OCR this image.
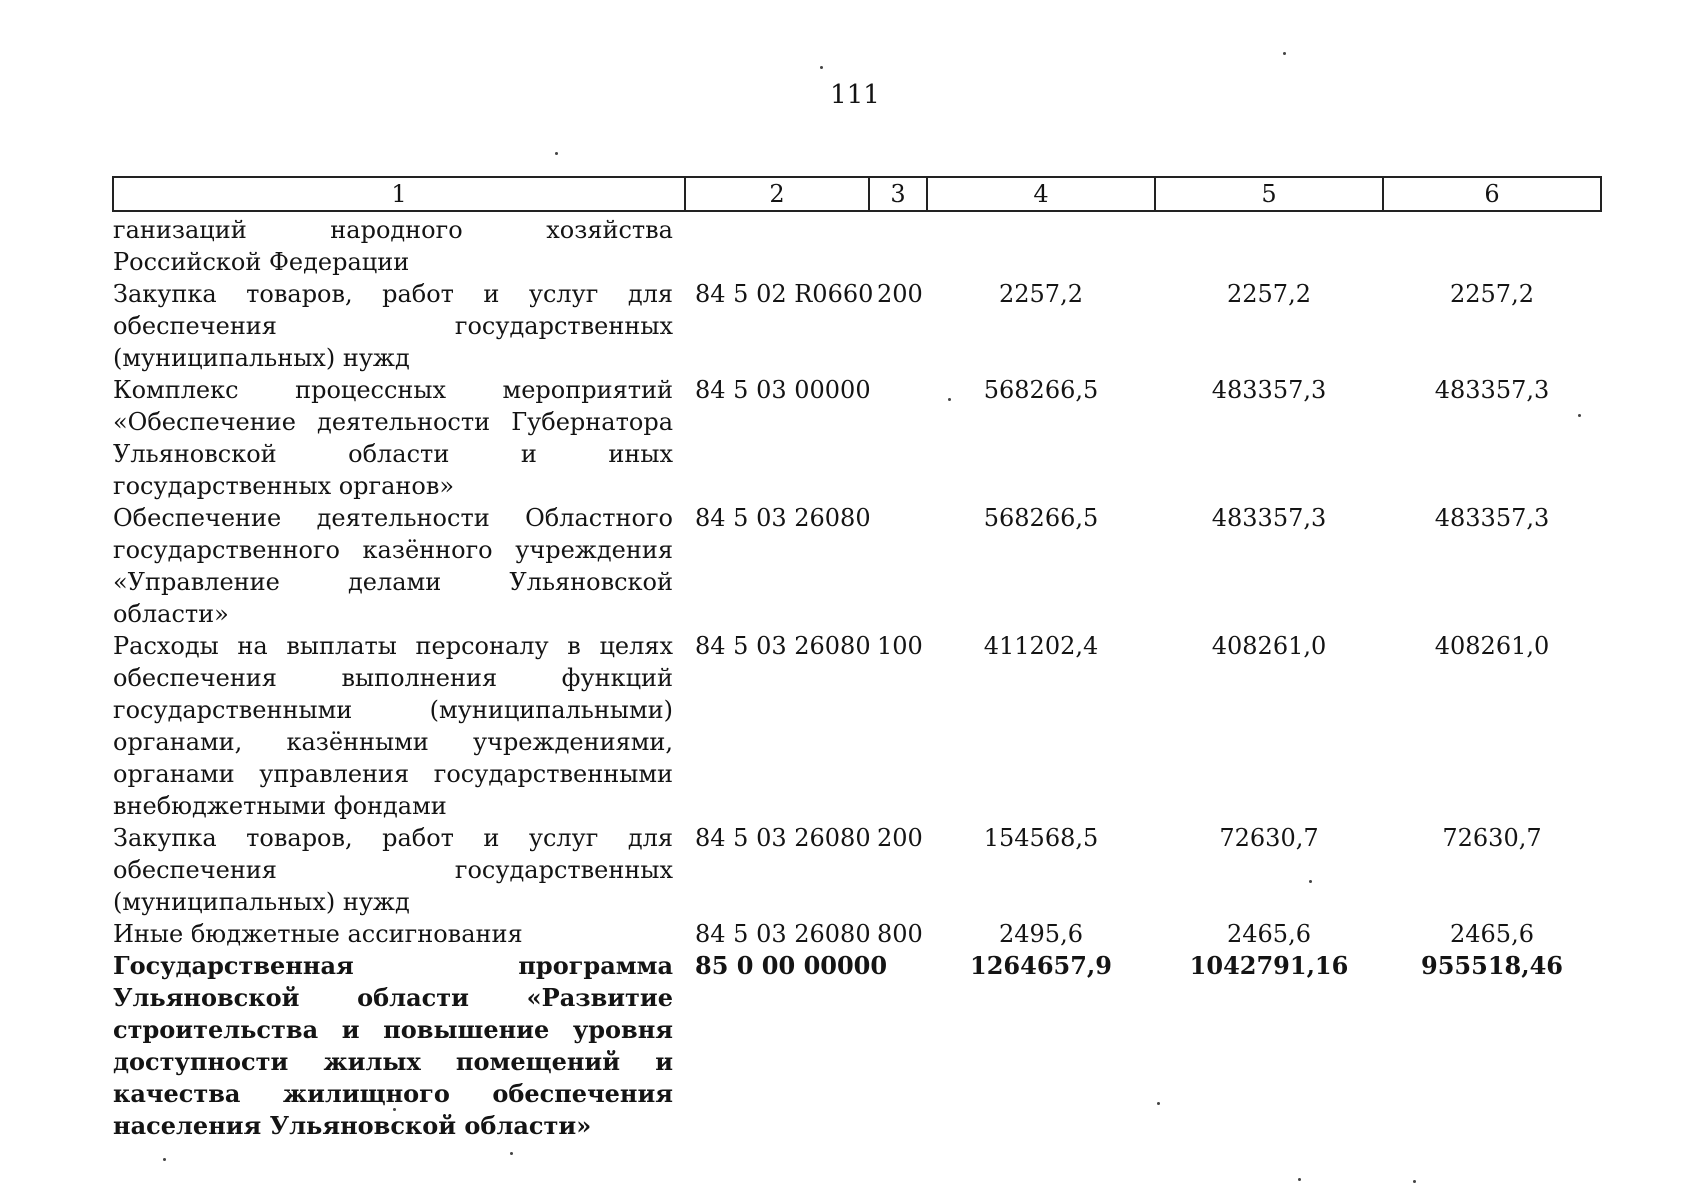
111
1	2	3	4	5	6
ганизаций народного хозяйства Российской Федерации					
Закупка товаров, работ и услуг для обеспечения государственных (муниципальных) нужд	84 5 02 R0660	200	2257,2	2257,2	2257,2
Комплекс процессных мероприятий «Обеспечение деятельности Губернатора Ульяновской области и иных государственных органов»	84 5 03 00000		568266,5	483357,3	483357,3
Обеспечение деятельности Областного государственного казённого учреждения «Управление делами Ульяновской области»	84 5 03 26080		568266,5	483357,3	483357,3
Расходы на выплаты персоналу в целях обеспечения выполнения функций государственными (муниципальными) органами, казёнными учреждениями, органами управления государственными внебюджетными фондами	84 5 03 26080	100	411202,4	408261,0	408261,0
Закупка товаров, работ и услуг для обеспечения государственных (муниципальных) нужд	84 5 03 26080	200	154568,5	72630,7	72630,7
Иные бюджетные ассигнования	84 5 03 26080	800	2495,6	2465,6	2465,6
Государственная программа Ульяновской области «Развитие строительства и повышение уровня доступности жилых помещений и качества жилищного обеспечения населения Ульяновской области»	85 0 00 00000		1264657,9	1042791,16	955518,46
